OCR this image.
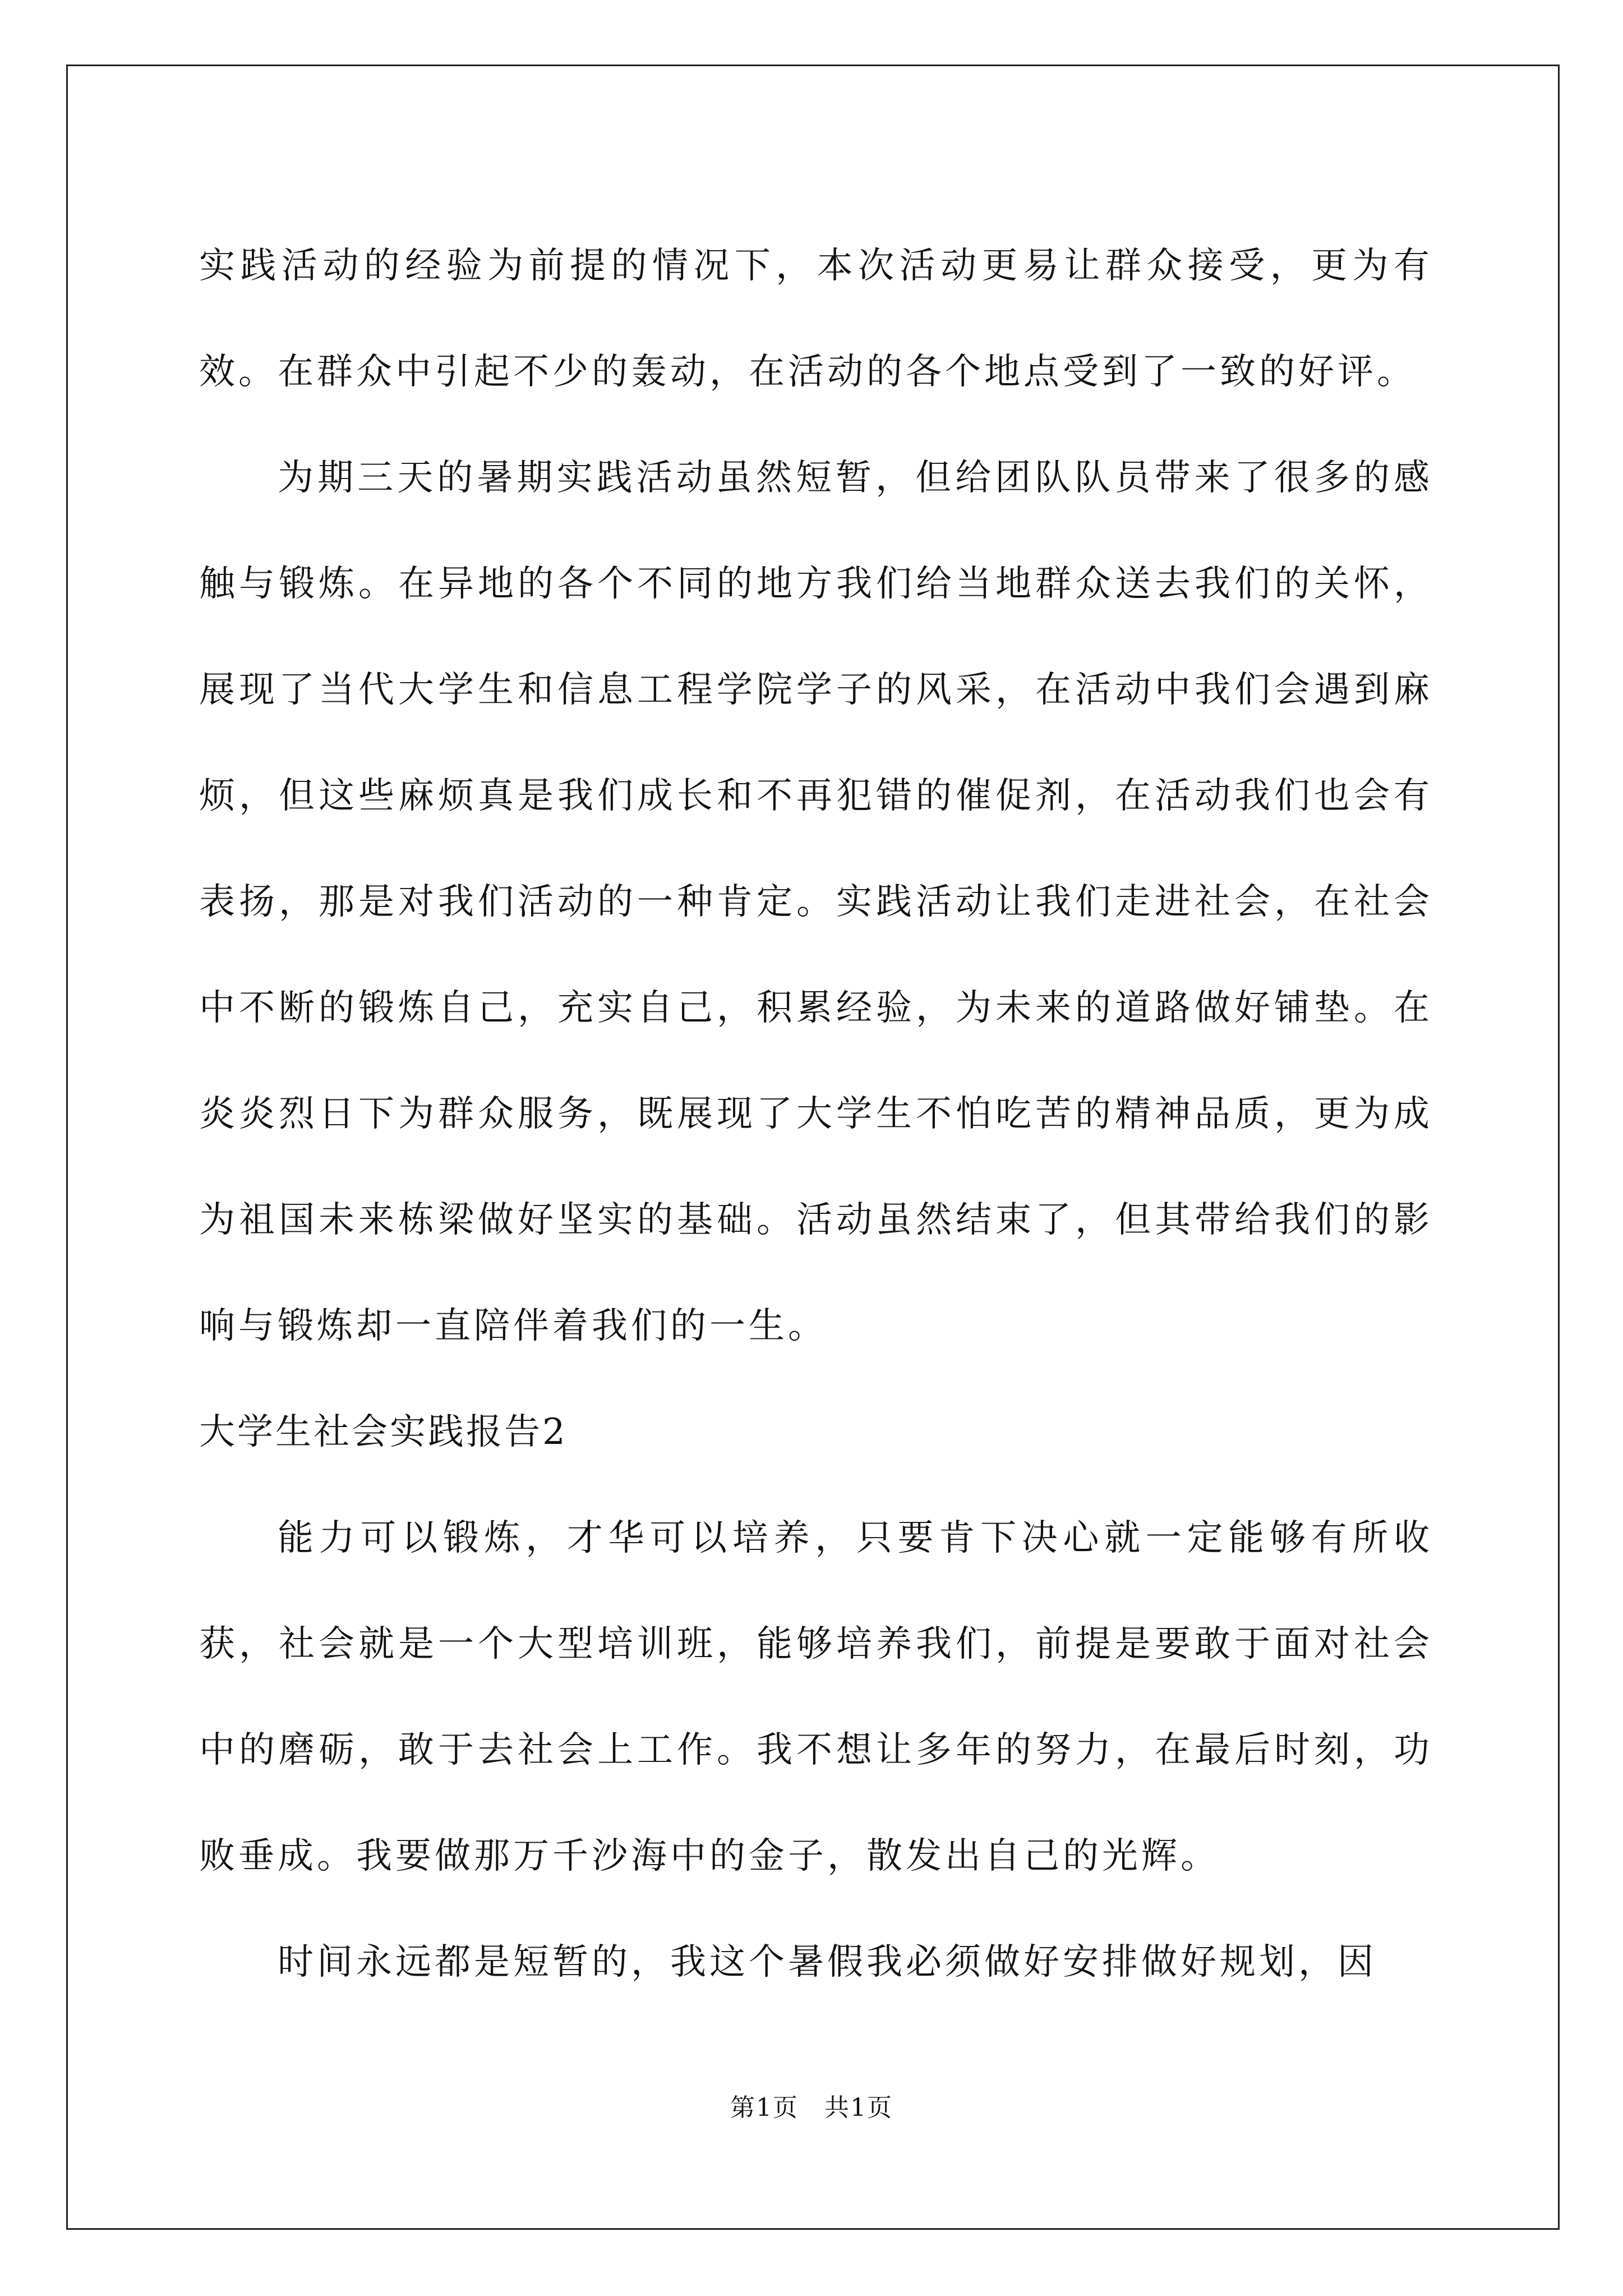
实践活动的经验为前提的情况下，本次活动更易让群众接受，更为有效。在群众中引起不少的轰动，在活动的各个地点受到了一致的好评。

为期三天的暑期实践活动虽然短暂，但给团队队员带来了很多的感触与锻炼。在异地的各个不同的地方我们给当地群众送去我们的关怀，展现了当代大学生和信息工程学院学子的风采，在活动中我们会遇到麻烦，但这些麻烦真是我们成长和不再犯错的催促剂，在活动我们也会有表扬，那是对我们活动的一种肯定。实践活动让我们走进社会，在社会中不断的锻炼自己，充实自己，积累经验，为未来的道路做好铺垫。在炎炎烈日下为群众服务，既展现了大学生不怕吃苦的精神品质，更为成为祖国未来栋梁做好坚实的基础。活动虽然结束了，但其带给我们的影响与锻炼却一直陪伴着我们的一生。

大学生社会实践报告2

能力可以锻炼，才华可以培养，只要肯下决心就一定能够有所收获，社会就是一个大型培训班，能够培养我们，前提是要敢于面对社会中的磨砺，敢于去社会上工作。我不想让多年的努力，在最后时刻，功败垂成。我要做那万千沙海中的金子，散发出自己的光辉。

时间永远都是短暂的，我这个暑假我必须做好安排做好规划，因

第1页　共1页
